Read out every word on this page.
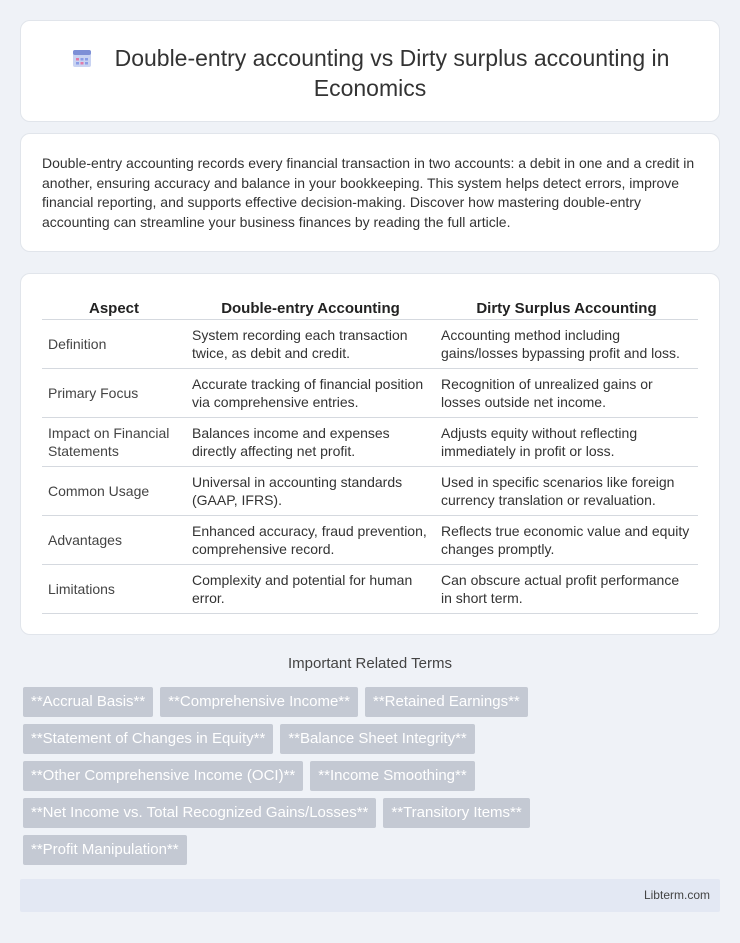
Double-entry accounting vs Dirty surplus accounting in Economics

Double-entry accounting records every financial transaction in two accounts: a debit in one and a credit in another, ensuring accuracy and balance in your bookkeeping. This system helps detect errors, improve financial reporting, and supports effective decision-making. Discover how mastering double-entry accounting can streamline your business finances by reading the full article.

Aspect	Double-entry Accounting	Dirty Surplus Accounting
Definition	System recording each transaction twice, as debit and credit.	Accounting method including gains/losses bypassing profit and loss.
Primary Focus	Accurate tracking of financial position via comprehensive entries.	Recognition of unrealized gains or losses outside net income.
Impact on Financial Statements	Balances income and expenses directly affecting net profit.	Adjusts equity without reflecting immediately in profit or loss.
Common Usage	Universal in accounting standards (GAAP, IFRS).	Used in specific scenarios like foreign currency translation or revaluation.
Advantages	Enhanced accuracy, fraud prevention, comprehensive record.	Reflects true economic value and equity changes promptly.
Limitations	Complexity and potential for human error.	Can obscure actual profit performance in short term.
Important Related Terms
**Accrual Basis**	**Comprehensive Income**	**Retained Earnings**
**Statement of Changes in Equity**	**Balance Sheet Integrity**
**Other Comprehensive Income (OCI)**	**Income Smoothing**
**Net Income vs. Total Recognized Gains/Losses**	**Transitory Items**
**Profit Manipulation**
Libterm.com
